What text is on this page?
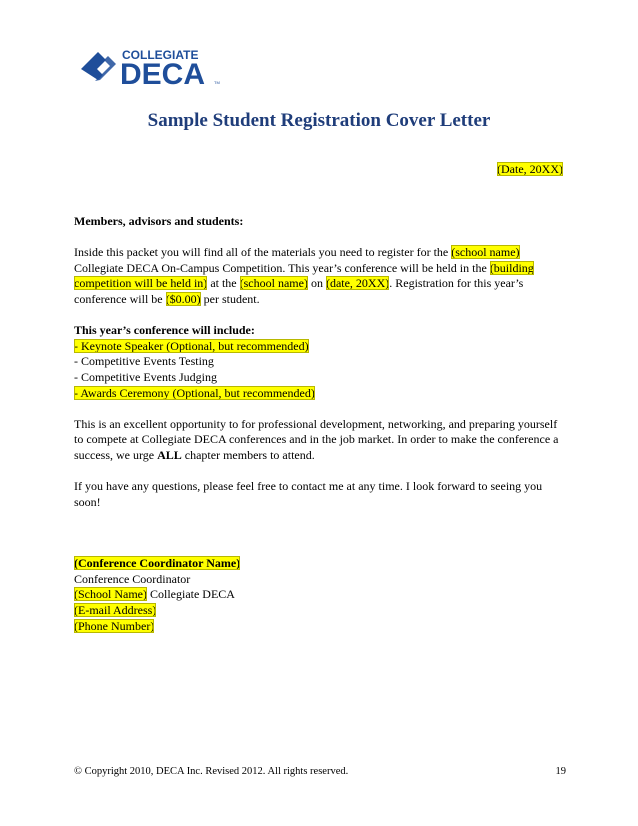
COLLEGIATE
DECA TM
Sample Student Registration Cover Letter
(Date, 20XX)

Members, advisors and students:

Inside this packet you will find all of the materials you need to register for the (school name) Collegiate DECA On-Campus Competition. This year’s conference will be held in the (building competition will be held in) at the (school name) on (date, 20XX). Registration for this year’s conference will be ($0.00) per student.

This year’s conference will include:

- Keynote Speaker (Optional, but recommended)

- Competitive Events Testing

- Competitive Events Judging

- Awards Ceremony (Optional, but recommended)

This is an excellent opportunity to for professional development, networking, and preparing yourself to compete at Collegiate DECA conferences and in the job market. In order to make the conference a success, we urge ALL chapter members to attend.

If you have any questions, please feel free to contact me at any time. I look forward to seeing you soon!

(Conference Coordinator Name)

Conference Coordinator

(School Name) Collegiate DECA

(E-mail Address)

(Phone Number)

© Copyright 2010, DECA Inc. Revised 2012. All rights reserved.	19
